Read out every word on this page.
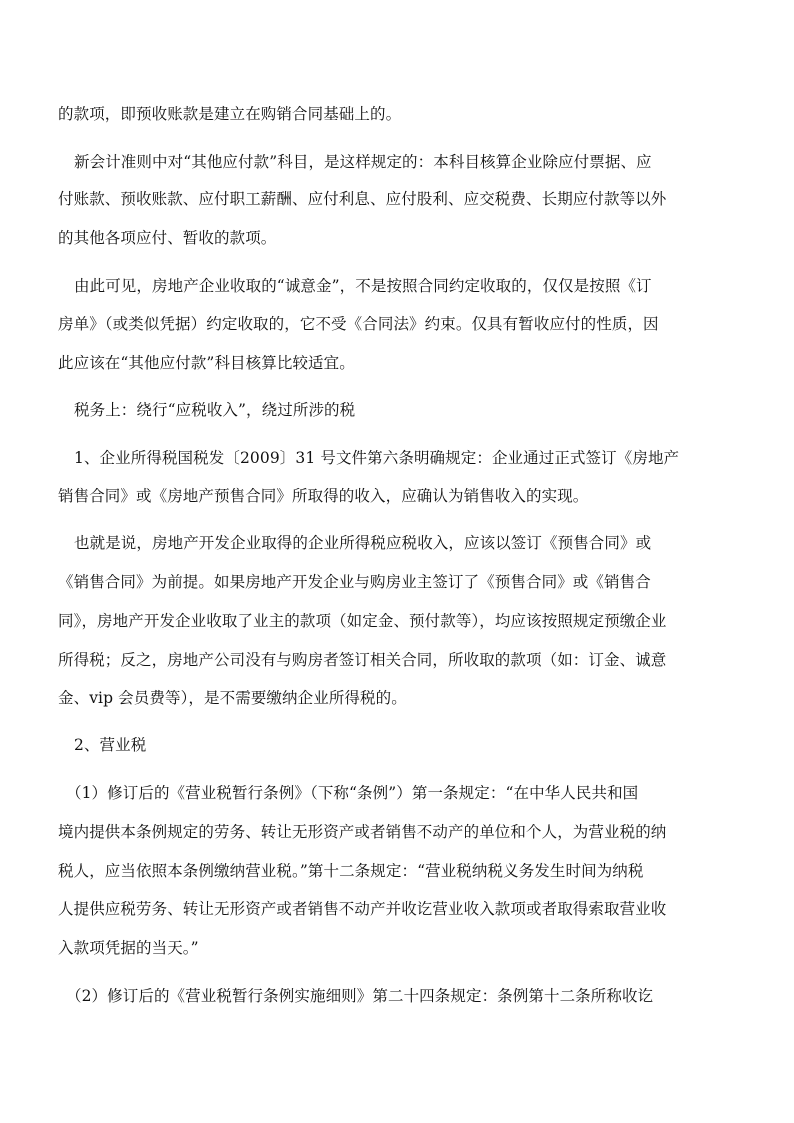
的款项，即预收账款是建立在购销合同基础上的。
新会计准则中对“其他应付款”科目，是这样规定的：本科目核算企业除应付票据、应
付账款、预收账款、应付职工薪酬、应付利息、应付股利、应交税费、长期应付款等以外
的其他各项应付、暂收的款项。
由此可见，房地产企业收取的“诚意金”，不是按照合同约定收取的，仅仅是按照《订
房单》（或类似凭据）约定收取的，它不受《合同法》约束。仅具有暂收应付的性质，因
此应该在“其他应付款”科目核算比较适宜。
税务上：绕行“应税收入”，绕过所涉的税
1、企业所得税国税发〔2009〕31 号文件第六条明确规定：企业通过正式签订《房地产
销售合同》或《房地产预售合同》所取得的收入，应确认为销售收入的实现。
也就是说，房地产开发企业取得的企业所得税应税收入，应该以签订《预售合同》或
《销售合同》为前提。如果房地产开发企业与购房业主签订了《预售合同》或《销售合
同》，房地产开发企业收取了业主的款项（如定金、预付款等），均应该按照规定预缴企业
所得税；反之，房地产公司没有与购房者签订相关合同，所收取的款项（如：订金、诚意
金、vip 会员费等），是不需要缴纳企业所得税的。
2、营业税
（1）修订后的《营业税暂行条例》（下称“条例”）第一条规定：“在中华人民共和国
境内提供本条例规定的劳务、转让无形资产或者销售不动产的单位和个人，为营业税的纳
税人，应当依照本条例缴纳营业税。”第十二条规定：“营业税纳税义务发生时间为纳税
人提供应税劳务、转让无形资产或者销售不动产并收讫营业收入款项或者取得索取营业收
入款项凭据的当天。”
（2）修订后的《营业税暂行条例实施细则》第二十四条规定：条例第十二条所称收讫
